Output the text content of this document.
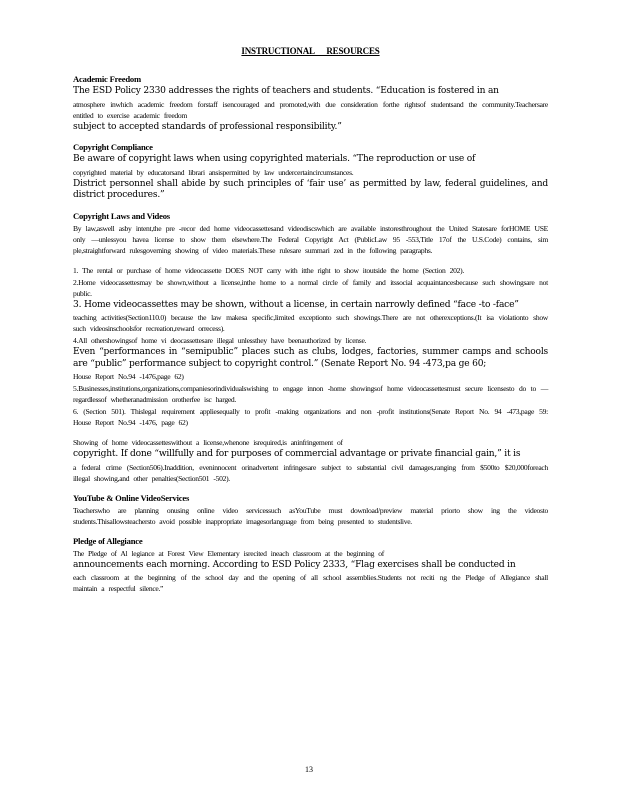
INSTRUCTIONAL RESOURCES
Academic Freedom
The ESD Policy 2330 addresses the rights of teachers and students. “Education is fostered in an
atmosphere inwhich academic freedom forstaff isencouraged and promoted,with due consideration forthe rightsof studentsand the community.Teachersare entitled to exercise academic freedom
subject to accepted standards of professional responsibility.”
Copyright Compliance
Be aware of copyright laws when using copyrighted materials. “The reproduction or use of
copyrighted material by educatorsand librari ansispermitted by law undercertaincircumstances.
District personnel shall abide by such principles of ‘fair use’ as permitted by law, federal guidelines, and district procedures.”
Copyright Laws and Videos
By law,aswell asby intent,the pre -recor ded home videocassettesand videodiscswhich are available instoresthroughout the United Statesare forHOME USE only —unlessyou havea license to show them elsewhere.The Federal Copyright Act (PublicLaw 95 -553,Title 17of the U.S.Code) contains, sim ple,straightforward rulesgoverning showing of video materials.These rulesare summari zed in the following paragraphs.
1. The rental or purchase of home videocassette DOES NOT carry with itthe right to show itoutside the home (Section 202).
2.Home videocassettesmay be shown,without a license,inthe home to a normal circle of family and itssocial acquaintancesbecause such showingsare not public.
3. Home videocassettes may be shown, without a license, in certain narrowly defined “face -to -face”
teaching activities(Section110.0) because the law makesa specific,limited exceptionto such showings.There are not otherexceptions.(It isa violationto show such videosinschoolsfor recreation,reward orrecess).
4.All othershowingsof home vi deocassettesare illegal unlessthey have beenauthorized by license.
Even “performances in “semipublic” places such as clubs, lodges, factories, summer camps and schools are “public” performance subject to copyright control.” (Senate Report No. 94 -473,pa ge 60;
House Report No.94 -1476,page 62)
5.Businesses,institutions,organizations,companiesorindividualswishing to engage innon -home showingsof home videocassettesmust secure licensesto do to —regardlessof whetheranadmission orotherfee isc harged.
6. (Section 501). Thislegal requirement appliesequally to profit -making organizations and non -profit institutions(Senate Report No. 94 -473,page 59: House Report No.94 -1476, page 62)
Showing of home videocassetteswithout a license,whenone isrequired,is aninfringement of
copyright. If done “willfully and for purposes of commercial advantage or private financial gain,” it is
a federal crime (Section506).Inaddition, eveninnocent orinadvertent infringesare subject to substantial civil damages,ranging from $500to $20,000foreach illegal showing,and other penalties(Section501 -502).
YouTube & Online VideoServices
Teacherswho are planning onusing online video servicessuch asYouTube must download/preview material priorto show ing the videosto students.Thisallowsteachersto avoid possible inappropriate imagesorlanguage from being presented to studentslive.
Pledge of Allegiance
The Pledge of Al legiance at Forest View Elementary isrecited ineach classroom at the beginning of
announcements each morning. According to ESD Policy 2333, “Flag exercises shall be conducted in
each classroom at the beginning of the school day and the opening of all school assemblies.Students not reciti ng the Pledge of Allegiance shall maintain a respectful silence.”
13
